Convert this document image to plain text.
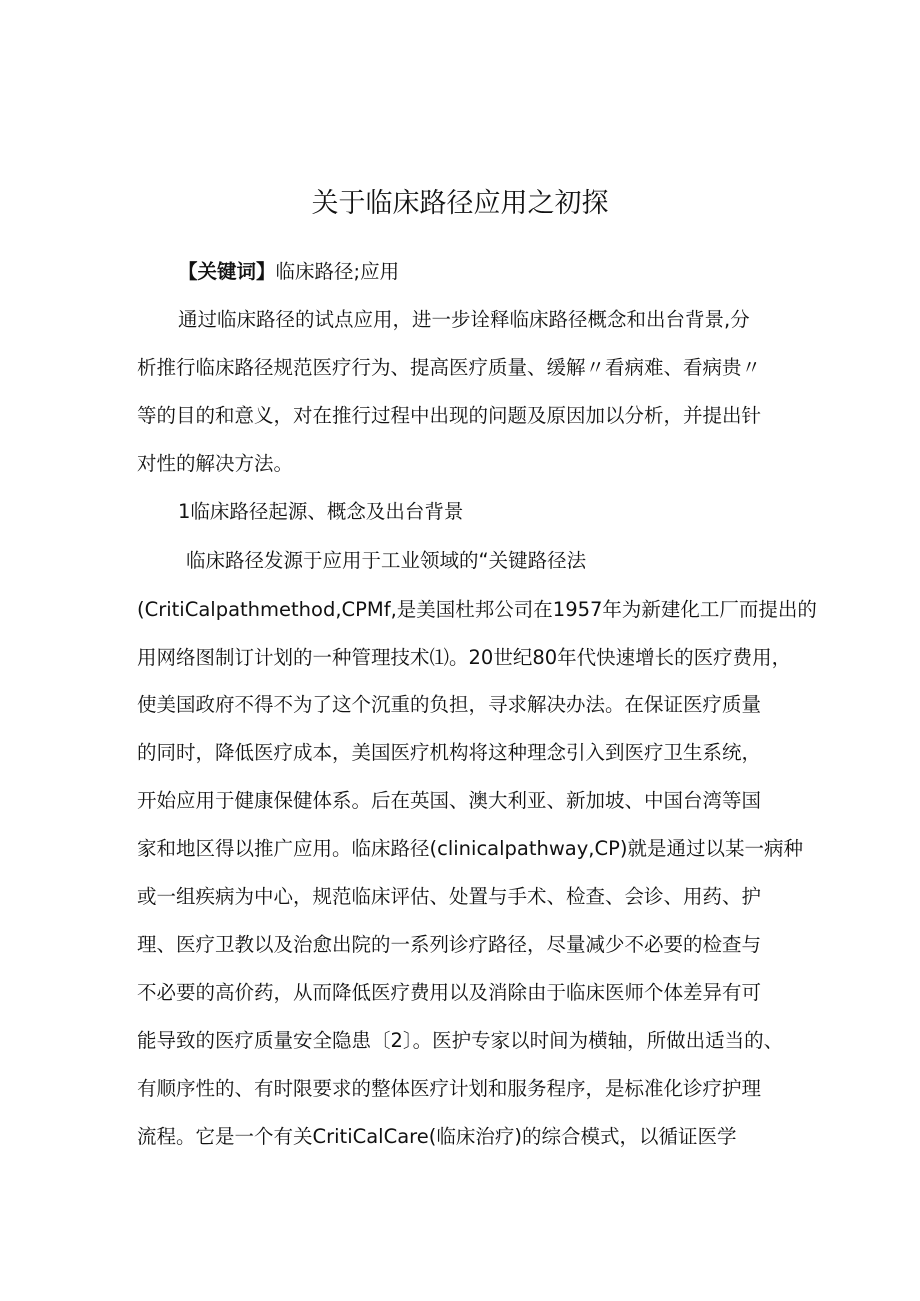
关于临床路径应用之初探
【关键词】临床路径;应用
通过临床路径的试点应用，进一步诠释临床路径概念和出台背景,分
析推行临床路径规范医疗行为、提高医疗质量、缓解〃看病难、看病贵〃
等的目的和意义，对在推行过程中出现的问题及原因加以分析，并提出针
对性的解决方法。
1临床路径起源、概念及出台背景
临床路径发源于应用于工业领域的“关键路径法
(CritiCalpathmethod,CPMf,是美国杜邦公司在1957年为新建化工厂而提出的
用网络图制订计划的一种管理技术⑴。20世纪80年代快速增长的医疗费用，
使美国政府不得不为了这个沉重的负担，寻求解决办法。在保证医疗质量
的同时，降低医疗成本，美国医疗机构将这种理念引入到医疗卫生系统，
开始应用于健康保健体系。后在英国、澳大利亚、新加坡、中国台湾等国
家和地区得以推广应用。临床路径(clinicalpathway,CP)就是通过以某一病种
或一组疾病为中心，规范临床评估、处置与手术、检查、会诊、用药、护
理、医疗卫教以及治愈出院的一系列诊疗路径，尽量减少不必要的检查与
不必要的高价药，从而降低医疗费用以及消除由于临床医师个体差异有可
能导致的医疗质量安全隐患〔2〕。医护专家以时间为横轴，所做出适当的、
有顺序性的、有时限要求的整体医疗计划和服务程序，是标准化诊疗护理
流程。它是一个有关CritiCalCare(临床治疗)的综合模式，以循证医学
